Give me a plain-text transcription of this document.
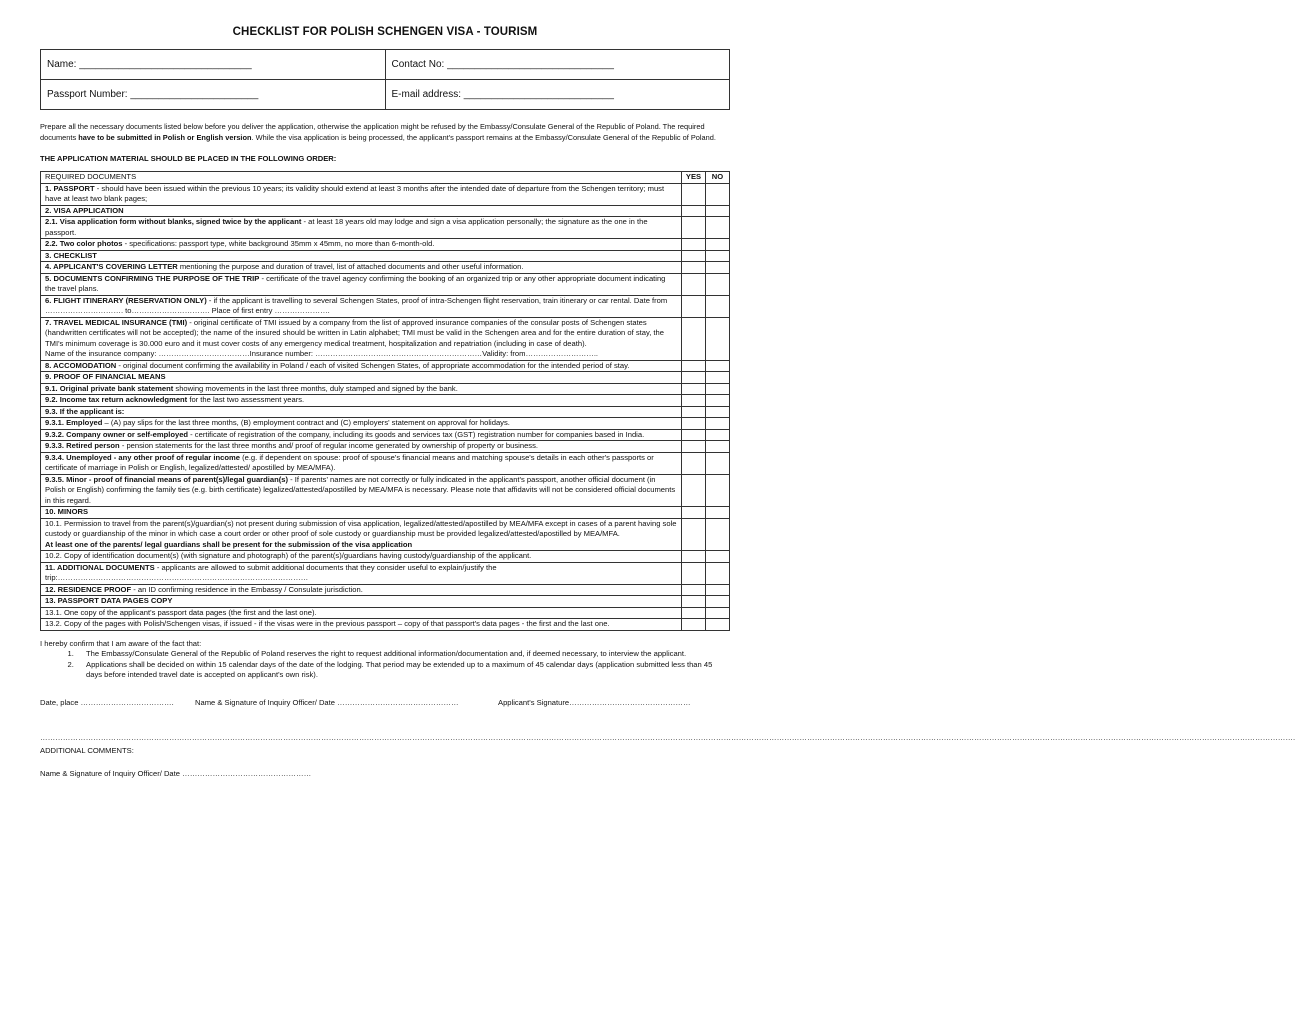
CHECKLIST FOR POLISH SCHENGEN VISA - TOURISM
Name: _______________________________	Contact No: ______________________________
Passport Number: _______________________	E-mail address: ___________________________
Prepare all the necessary documents listed below before you deliver the application, otherwise the application might be refused by the Embassy/Consulate General of the Republic of Poland. The required documents have to be submitted in Polish or English version. While the visa application is being processed, the applicant's passport remains at the Embassy/Consulate General of the Republic of Poland.
THE APPLICATION MATERIAL SHOULD BE PLACED IN THE FOLLOWING ORDER:
REQUIRED DOCUMENTS	YES	NO
1. PASSPORT - should have been issued within the previous 10 years; its validity should extend at least 3 months after the intended date of departure from the Schengen territory; must have at least two blank pages;		
2. VISA APPLICATION		
2.1. Visa application form without blanks, signed twice by the applicant - at least 18 years old may lodge and sign a visa application personally; the signature as the one in the passport.		
2.2. Two color photos - specifications: passport type, white background 35mm x 45mm, no more than 6-month-old.		
3. CHECKLIST		
4. APPLICANT'S COVERING LETTER mentioning the purpose and duration of travel, list of attached documents and other useful information.		
5. DOCUMENTS CONFIRMING THE PURPOSE OF THE TRIP - certificate of the travel agency confirming the booking of an organized trip or any other appropriate document indicating the travel plans.		
6. FLIGHT ITINERARY (RESERVATION ONLY) - if the applicant is travelling to several Schengen States, proof of intra-Schengen flight reservation, train itinerary or car rental. Date from …………………………. to…………………………. Place of first entry ………………….		
7. TRAVEL MEDICAL INSURANCE (TMI) - original certificate of TMI issued by a company from the list of approved insurance companies of the consular posts of Schengen states (handwritten certificates will not be accepted); the name of the insured should be written in Latin alphabet; TMI must be valid in the Schengen area and for the entire duration of stay, the TMI's minimum coverage is 30.000 euro and it must cover costs of any emergency medical treatment, hospitalization and repatriation (including in case of death).
Name of the insurance company: ………………………………Insurance number: …………………………………………………………Validity: from………………………..		
8. ACCOMODATION - original document confirming the availability in Poland / each of visited Schengen States, of appropriate accommodation for the intended period of stay.		
9. PROOF OF FINANCIAL MEANS		
9.1. Original private bank statement showing movements in the last three months, duly stamped and signed by the bank.		
9.2. Income tax return acknowledgment for the last two assessment years.		
9.3. If the applicant is:		
9.3.1. Employed – (A) pay slips for the last three months, (B) employment contract and (C) employers' statement on approval for holidays.		
9.3.2. Company owner or self-employed - certificate of registration of the company, including its goods and services tax (GST) registration number for companies based in India.		
9.3.3. Retired person - pension statements for the last three months and/ proof of regular income generated by ownership of property or business.		
9.3.4. Unemployed - any other proof of regular income (e.g. if dependent on spouse: proof of spouse's financial means and matching spouse's details in each other's passports or certificate of marriage in Polish or English, legalized/attested/ apostilled by MEA/MFA).		
9.3.5. Minor - proof of financial means of parent(s)/legal guardian(s) - If parents' names are not correctly or fully indicated in the applicant's passport, another official document (in Polish or English) confirming the family ties (e.g. birth certificate) legalized/attested/apostilled by MEA/MFA is necessary. Please note that affidavits will not be considered official documents in this regard.		
10. MINORS		
10.1. Permission to travel from the parent(s)/guardian(s) not present during submission of visa application, legalized/attested/apostilled by MEA/MFA except in cases of a parent having sole custody or guardianship of the minor in which case a court order or other proof of sole custody or guardianship must be provided legalized/attested/apostilled by MEA/MFA.
At least one of the parents/ legal guardians shall be present for the submission of the visa application		
10.2. Copy of identification document(s) (with signature and photograph) of the parent(s)/guardians having custody/guardianship of the applicant.		
11. ADDITIONAL DOCUMENTS - applicants are allowed to submit additional documents that they consider useful to explain/justify the trip:………………………………………………………………………………………		
12. RESIDENCE PROOF - an ID confirming residence in the Embassy / Consulate jurisdiction.		
13. PASSPORT DATA PAGES COPY		
13.1. One copy of the applicant's passport data pages (the first and the last one).		
13.2. Copy of the pages with Polish/Schengen visas, if issued - if the visas were in the previous passport – copy of that passport's data pages - the first and the last one.		
I hereby confirm that I am aware of the fact that:
1. The Embassy/Consulate General of the Republic of Poland reserves the right to request additional information/documentation and, if deemed necessary, to interview the applicant.
2. Applications shall be decided on within 15 calendar days of the date of the lodging. That period may be extended up to a maximum of 45 calendar days (application submitted less than 45 days before intended travel date is accepted on applicant's own risk).
Date, place ……………………………….	Name & Signature of Inquiry Officer/ Date …………………………………………	Applicant's Signature…………………………………………
……………………………………………………………………………………………………………………………………………………………………………………………………………………………………………………………………………………………………………………………………………………………………………………………………………………………………………………….
ADDITIONAL COMMENTS:
Name & Signature of Inquiry Officer/ Date ……………………………………………
